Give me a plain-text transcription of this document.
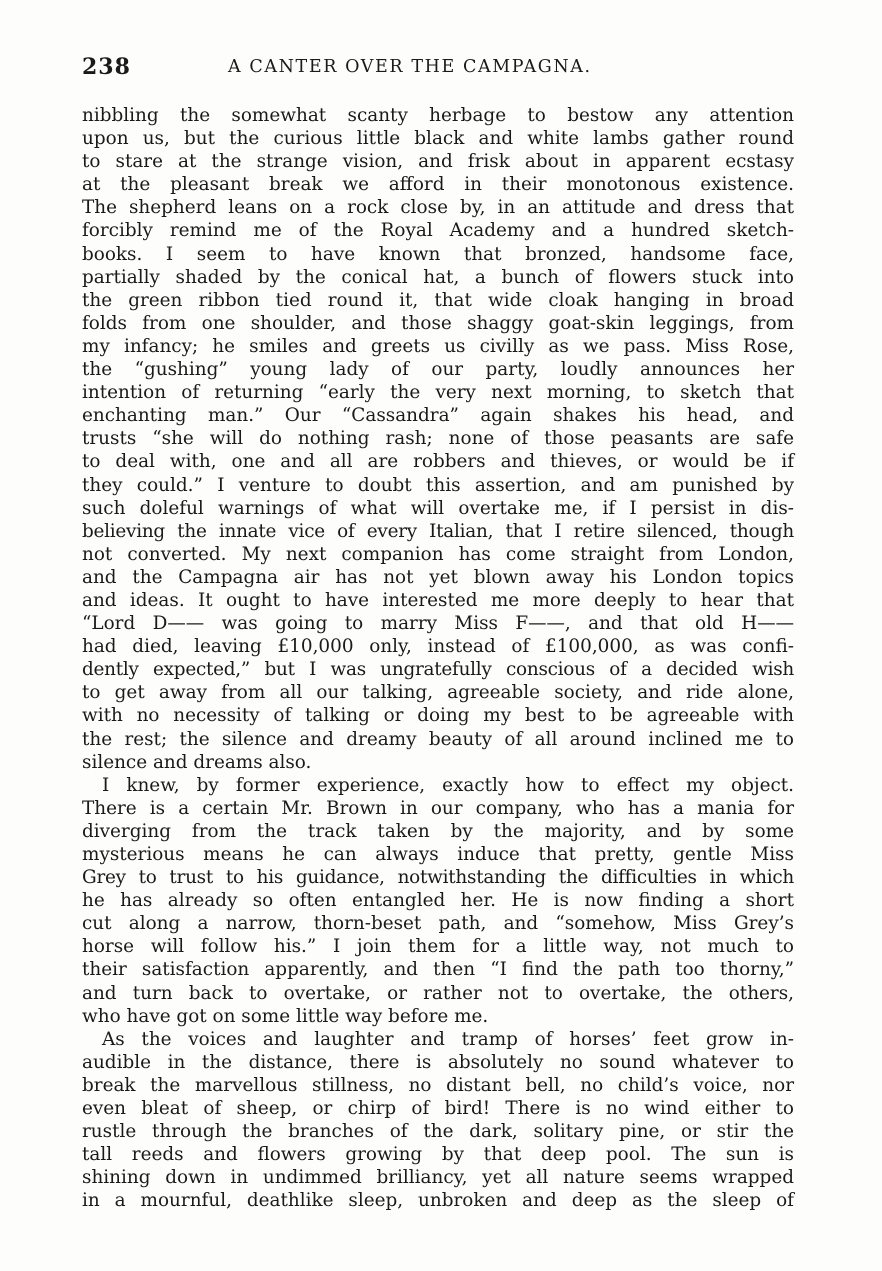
238	A CANTER OVER THE CAMPAGNA.
nibbling the somewhat scanty herbage to bestow any attention
upon us, but the curious little black and white lambs gather round
to stare at the strange vision, and frisk about in apparent ecstasy
at the pleasant break we afford in their monotonous existence.
The shepherd leans on a rock close by, in an attitude and dress that
forcibly remind me of the Royal Academy and a hundred sketch-
books. I seem to have known that bronzed, handsome face,
partially shaded by the conical hat, a bunch of flowers stuck into
the green ribbon tied round it, that wide cloak hanging in broad
folds from one shoulder, and those shaggy goat-skin leggings, from
my infancy; he smiles and greets us civilly as we pass. Miss Rose,
the “gushing” young lady of our party, loudly announces her
intention of returning “early the very next morning, to sketch that
enchanting man.” Our “Cassandra” again shakes his head, and
trusts “she will do nothing rash; none of those peasants are safe
to deal with, one and all are robbers and thieves, or would be if
they could.” I venture to doubt this assertion, and am punished by
such doleful warnings of what will overtake me, if I persist in dis-
believing the innate vice of every Italian, that I retire silenced, though
not converted. My next companion has come straight from London,
and the Campagna air has not yet blown away his London topics
and ideas. It ought to have interested me more deeply to hear that
“Lord D—— was going to marry Miss F——, and that old H——
had died, leaving £10,000 only, instead of £100,000, as was confi-
dently expected,” but I was ungratefully conscious of a decided wish
to get away from all our talking, agreeable society, and ride alone,
with no necessity of talking or doing my best to be agreeable with
the rest; the silence and dreamy beauty of all around inclined me to
silence and dreams also.
I knew, by former experience, exactly how to effect my object.
There is a certain Mr. Brown in our company, who has a mania for
diverging from the track taken by the majority, and by some
mysterious means he can always induce that pretty, gentle Miss
Grey to trust to his guidance, notwithstanding the difficulties in which
he has already so often entangled her. He is now finding a short
cut along a narrow, thorn-beset path, and “somehow, Miss Grey’s
horse will follow his.” I join them for a little way, not much to
their satisfaction apparently, and then “I find the path too thorny,”
and turn back to overtake, or rather not to overtake, the others,
who have got on some little way before me.
As the voices and laughter and tramp of horses’ feet grow in-
audible in the distance, there is absolutely no sound whatever to
break the marvellous stillness, no distant bell, no child’s voice, nor
even bleat of sheep, or chirp of bird! There is no wind either to
rustle through the branches of the dark, solitary pine, or stir the
tall reeds and flowers growing by that deep pool. The sun is
shining down in undimmed brilliancy, yet all nature seems wrapped
in a mournful, deathlike sleep, unbroken and deep as the sleep of
